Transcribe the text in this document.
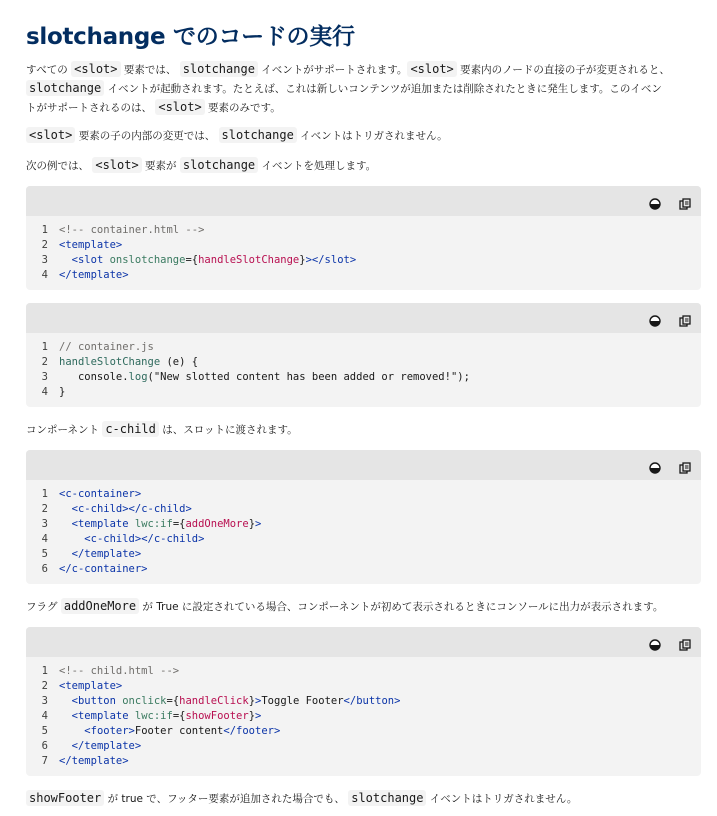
slotchange でのコードの実行
すべての <slot> 要素では、 slotchange イベントがサポートされます。 <slot> 要素内のノードの直接の子が変更されると、
slotchange イベントが起動されます。たとえば、これは新しいコンテンツが追加または削除されたときに発生します。このイベン
トがサポートされるのは、 <slot> 要素のみです。
<slot> 要素の子の内部の変更では、 slotchange イベントはトリガされません。
次の例では、 <slot> 要素が slotchange イベントを処理します。
1 <!-- container.html -->
2 <template>
3
<slot onslotchange ={ handleSlotChange } ></slot>
4 </template>
1 // container.js
2 handleSlotChange (e) {
3 console. log ("New slotted content has been added or removed!");
4 }
コンポーネント c-child は、スロットに渡されます。
1 <c-container>
2
<c-child></c-child>
3
<template lwc:if ={ addOneMore } >
4
	<c-child></c-child>
5
</template>
6 </c-container>
フラグ addOneMore が True に設定されている場合、コンポーネントが初めて表示されるときにコンソールに出力が表示されます。
1 <!-- child.html -->
2 <template>
3
<button onclick ={ handleClick } > Toggle Footer </button>
4
<template lwc:if ={ showFooter } >
5
	<footer> Footer content </footer>
6
</template>
7 </template>
showFooter が true で、フッター要素が追加された場合でも、 slotchange イベントはトリガされません。
